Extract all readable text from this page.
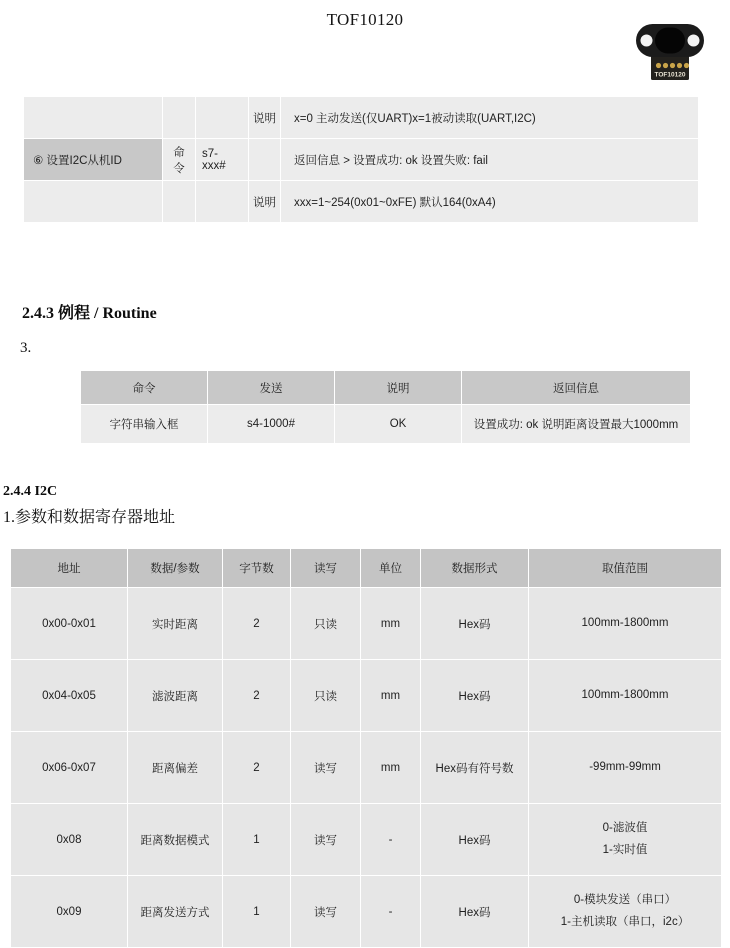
TOF10120
TOF10120
			说明	x=0 主动发送(仅UART)x=1被动读取(UART,I2C)
⑥ 设置I2C从机ID	命令	s7-xxx#		返回信息 > 设置成功: ok 设置失败: fail
			说明	xxx=1~254(0x01~0xFE) 默认164(0xA4)
2.4.3 例程 / Routine
3.
命令	发送	说明	返回信息
字符串输入框	s4-1000#	OK	设置成功: ok 说明距离设置最大1000mm
2.4.4 I2C
1.参数和数据寄存器地址
地址	数据/参数	字节数	读写	单位	数据形式	取值范围
0x00-0x01	实时距离	2	只读	mm	Hex码	100mm-1800mm

0x04-0x05	滤波距离	2	只读	mm	Hex码	100mm-1800mm

0x06-0x07	距离偏差	2	读写	mm	Hex码有符号数	-99mm-99mm

0x08	距离数据模式	1	读写	-	Hex码	0-滤波值
1-实时值

0x09	距离发送方式	1	读写	-	Hex码	0-模块发送（串口）
1-主机读取（串口，i2c）
